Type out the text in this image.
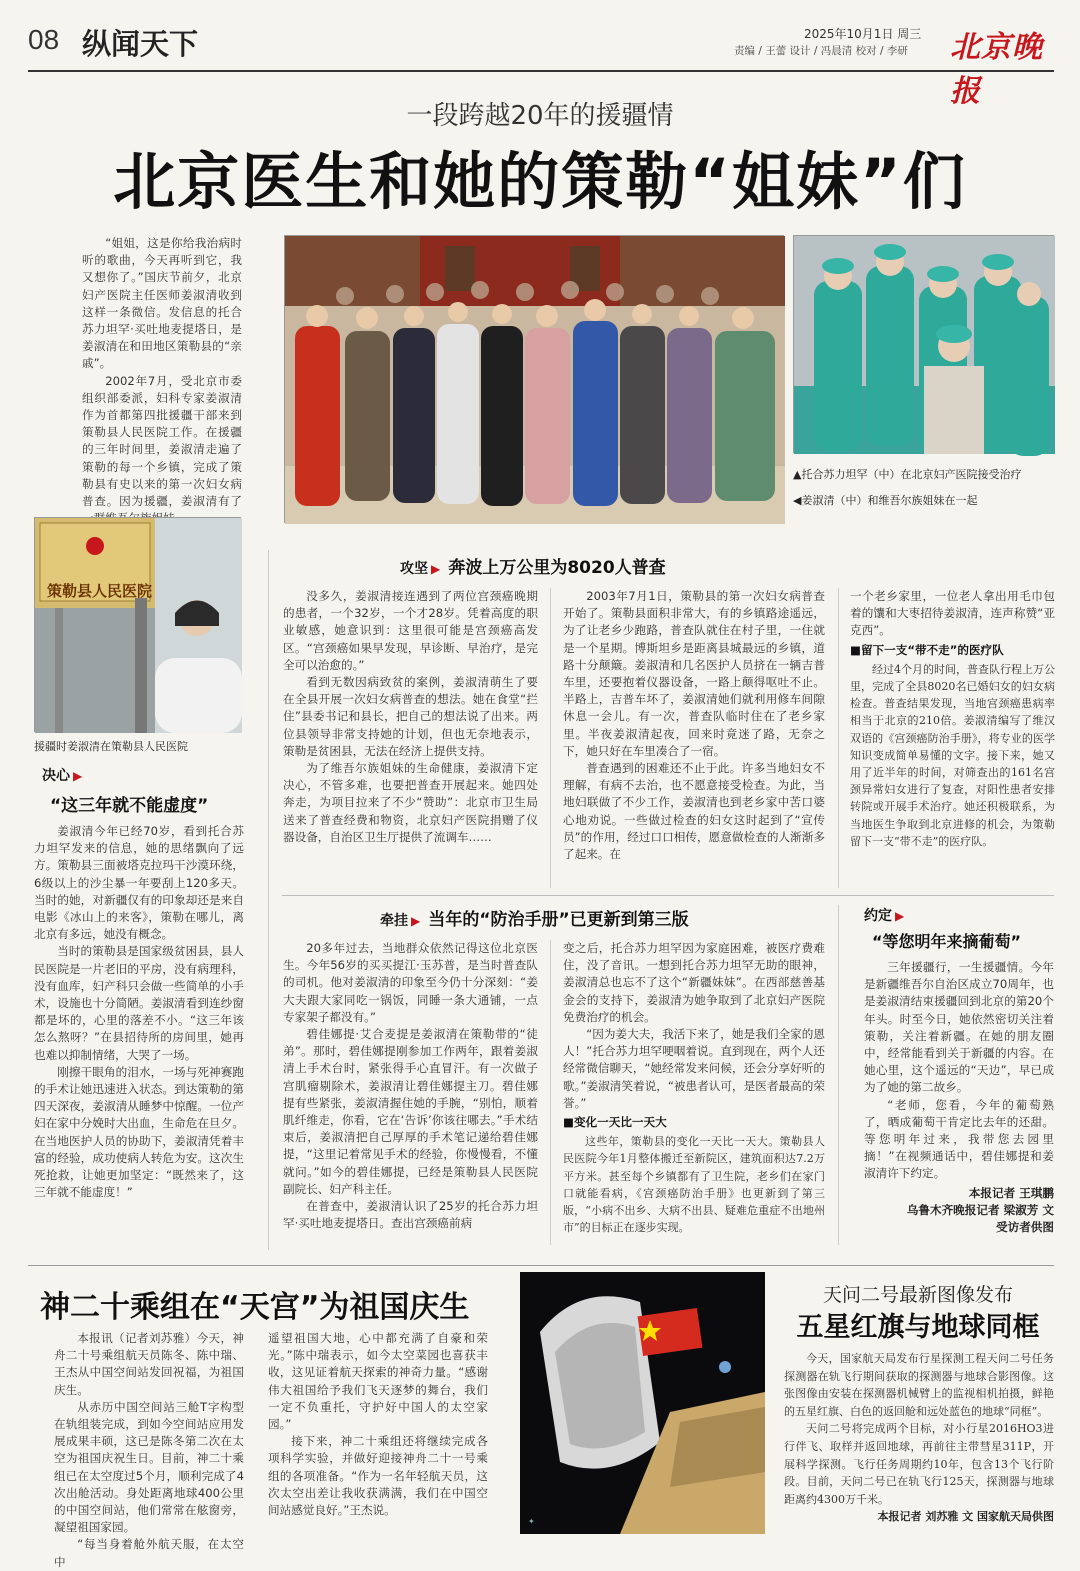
08 纵闻天下	2025年10月1日 周三
责编 / 王蕾 设计 / 冯晨清 校对 / 李研 北京晚报
一段跨越20年的援疆情
北京医生和她的策勒“姐妹”们

“姐姐，这是你给我治病时听的歌曲，今天再听到它，我又想你了。”国庆节前夕，北京妇产医院主任医师姜淑清收到这样一条微信。发信息的托合苏力坦罕·买吐地麦提塔日，是姜淑清在和田地区策勒县的“亲戚”。

2002年7月，受北京市委组织部委派，妇科专家姜淑清作为首都第四批援疆干部来到策勒县人民医院工作。在援疆的三年时间里，姜淑清走遍了策勒的每一个乡镇，完成了策勒县有史以来的第一次妇女病普查。因为援疆，姜淑清有了

▲托合苏力坦罕（中）在北京妇产医院接受治疗
◀姜淑清（中）和维吾尔族姐妹在一起
策勒县人民医院
援疆时姜淑清在策勒县人民医院
决心 ▶
“这三年就不能虚度”

姜淑清今年已经70岁，看到托合苏力坦罕发来的信息，她的思绪飘向了远方。策勒县三面被塔克拉玛干沙漠环绕，6级以上的沙尘暴一年要刮上120多天。当时的她，对新疆仅有的印象却还是来自电影《冰山上的来客》，策勒在哪儿，离北京有多远，她没有概念。

当时的策勒县是国家级贫困县，县人民医院是一片老旧的平房，没有病理科，没有血库，妇产科只会做一些简单的小手术，设施也十分简陋。姜淑清看到连纱窗都是坏的，心里的落差不小。“这三年该怎么熬呀？”在县招待所的房间里，她再也难以抑制情绪，大哭了一场。

刚擦干眼角的泪水，一场与死神赛跑的手术让她迅速进入状态。到达策勒的第四天深夜，姜淑清从睡梦中惊醒。一位产妇在家中分娩时大出血，生命危在旦夕。在当地医护人员的协助下，姜淑清凭着丰富的经验，成功使病人转危为安。这次生死抢救，让她更加坚定：“既然来了，这三年就不能虚度！”

攻坚 ▶ 奔波上万公里为8020人普查

没多久，姜淑清接连遇到了两位宫颈癌晚期的患者，一个32岁，一个才28岁。凭着高度的职业敏感，她意识到：这里很可能是宫颈癌高发区。“宫颈癌如果早发现，早诊断、早治疗，是完全可以治愈的。”

看到无数因病致贫的案例，姜淑清萌生了要在全县开展一次妇女病普查的想法。她在食堂“拦住”县委书记和县长，把自己的想法说了出来。两位县领导非常支持她的计划，但也无奈地表示，策勒是贫困县，无法在经济上提供支持。

为了维吾尔族姐妹的生命健康，姜淑清下定决心，不管多难，也要把普查开展起来。她四处奔走，为项目拉来了不少“赞助”：北京市卫生局送来了普查经费和物资，北京妇产医院捐赠了仪器设备，自治区卫生厅提供了流调车……

2003年7月1日，策勒县的第一次妇女病普查开始了。策勒县面积非常大，有的乡镇路途遥远，为了让老乡少跑路，普查队就住在村子里，一住就是一个星期。博斯坦乡是距离县城最远的乡镇，道路十分颠簸。姜淑清和几名医护人员挤在一辆吉普车里，还要抱着仪器设备，一路上颠得呕吐不止。半路上，吉普车坏了，姜淑清她们就利用修车间隙休息一会儿。有一次，普查队临时住在了老乡家里。半夜姜淑清起夜，回来时竟迷了路，无奈之下，她只好在车里凑合了一宿。

普查遇到的困难还不止于此。许多当地妇女不理解，有病不去治，也不愿意接受检查。为此，当地妇联做了不少工作，姜淑清也到老乡家中苦口婆心地劝说。一些做过检查的妇女这时起到了“宣传员”的作用，经过口口相传，愿意做检查的人渐渐多了起来。在

一个老乡家里，一位老人拿出用毛巾包着的馕和大枣招待姜淑清，连声称赞“亚克西”。

■留下一支“带不走”的医疗队

经过4个月的时间，普查队行程上万公里，完成了全县8020名已婚妇女的妇女病检查。普查结果发现，当地宫颈癌患病率相当于北京的210倍。姜淑清编写了维汉双语的《宫颈癌防治手册》，将专业的医学知识变成简单易懂的文字。接下来，她又用了近半年的时间，对筛查出的161名宫颈异常妇女进行了复查，对阳性患者安排转院或开展手术治疗。她还积极联系，为当地医生争取到北京进修的机会，为策勒留下一支“带不走”的医疗队。

牵挂 ▶ 当年的“防治手册”已更新到第三版

20多年过去，当地群众依然记得这位北京医生。今年56岁的买买提江·玉苏普，是当时普查队的司机。他对姜淑清的印象至今仍十分深刻：“姜大夫跟大家同吃一锅饭，同睡一条大通铺，一点专家架子都没有。”

碧佳娜提·艾合麦提是姜淑清在策勒带的“徒弟”。那时，碧佳娜提刚参加工作两年，跟着姜淑清上手术台时，紧张得手心直冒汗。有一次做子宫肌瘤剔除术，姜淑清让碧佳娜提主刀。碧佳娜提有些紧张，姜淑清握住她的手腕，“别怕，顺着肌纤维走，你看，它在‘告诉’你该往哪去。”手术结束后，姜淑清把自己厚厚的手术笔记递给碧佳娜提，“这里记着常见手术的经验，你慢慢看，不懂就问。”如今的碧佳娜提，已经是策勒县人民医院副院长、妇产科主任。

在普查中，姜淑清认识了25岁的托合苏力坦罕·买吐地麦提塔日。查出宫颈癌前病

变之后，托合苏力坦罕因为家庭困难，被医疗费难住，没了音讯。一想到托合苏力坦罕无助的眼神，姜淑清总也忘不了这个“新疆妹妹”。在西部慈善基金会的支持下，姜淑清为她争取到了北京妇产医院免费治疗的机会。

“因为姜大夫，我活下来了，她是我们全家的恩人！”托合苏力坦罕哽咽着说。直到现在，两个人还经常微信聊天，“她经常发来问候，还会分享好听的歌。”姜淑清笑着说，“被患者认可，是医者最高的荣誉。”

■变化一天比一天大

这些年，策勒县的变化一天比一天大。策勒县人民医院今年1月整体搬迁至新院区，建筑面积达7.2万平方米。甚至每个乡镇都有了卫生院，老乡们在家门口就能看病，《宫颈癌防治手册》也更新到了第三版，“小病不出乡、大病不出县、疑难危重症不出地州市”的目标正在逐步实现。

约定 ▶
“等您明年来摘葡萄”

三年援疆行，一生援疆情。今年是新疆维吾尔自治区成立70周年，也是姜淑清结束援疆回到北京的第20个年头。时至今日，她依然密切关注着策勒，关注着新疆。在她的朋友圈中，经常能看到关于新疆的内容。在她心里，这个遥远的“天边”，早已成为了她的第二故乡。

“老师，您看，今年的葡萄熟了，晒成葡萄干肯定比去年的还甜。等您明年过来，我带您去园里摘！”在视频通话中，碧佳娜提和姜淑清许下约定。

本报记者 王琪鹏
乌鲁木齐晚报记者 梁淑芳 文
受访者供图
神二十乘组在“天宫”为祖国庆生

本报讯（记者刘苏雅）今天，神舟二十号乘组航天员陈冬、陈中瑞、王杰从中国空间站发回祝福，为祖国庆生。

从赤历中国空间站三舱T字构型在轨组装完成，到如今空间站应用发展成果丰硕，这已是陈冬第二次在太空为祖国庆祝生日。目前，神二十乘组已在太空度过5个月，顺利完成了4次出舱活动。身处距离地球400公里的中国空间站，他们常常在舷窗旁，凝望祖国家园。

“每当身着舱外航天服，在太空中

遥望祖国大地，心中都充满了自豪和荣光。”陈中瑞表示，如今太空菜园也喜获丰收，这见证着航天探索的神奇力量。“感谢伟大祖国给予我们飞天逐梦的舞台，我们一定不负重托，守护好中国人的太空家园。”

接下来，神二十乘组还将继续完成各项科学实验，并做好迎接神舟二十一号乘组的各项准备。“作为一名年轻航天员，这次太空出差让我收获满满，我们在中国空间站感觉良好。”王杰说。

✦
天问二号最新图像发布
五星红旗与地球同框

今天，国家航天局发布行星探测工程天问二号任务探测器在轨飞行期间获取的探测器与地球合影图像。这张图像由安装在探测器机械臂上的监视相机拍摄，鲜艳的五星红旗、白色的返回舱和远处蓝色的地球“同框”。

天问二号将完成两个目标，对小行星2016HO3进行伴飞、取样并返回地球，再前往主带彗星311P，开展科学探测。飞行任务周期约10年，包含13个飞行阶段。目前，天问二号已在轨飞行125天，探测器与地球距离约4300万千米。

本报记者 刘苏雅 文 国家航天局供图
